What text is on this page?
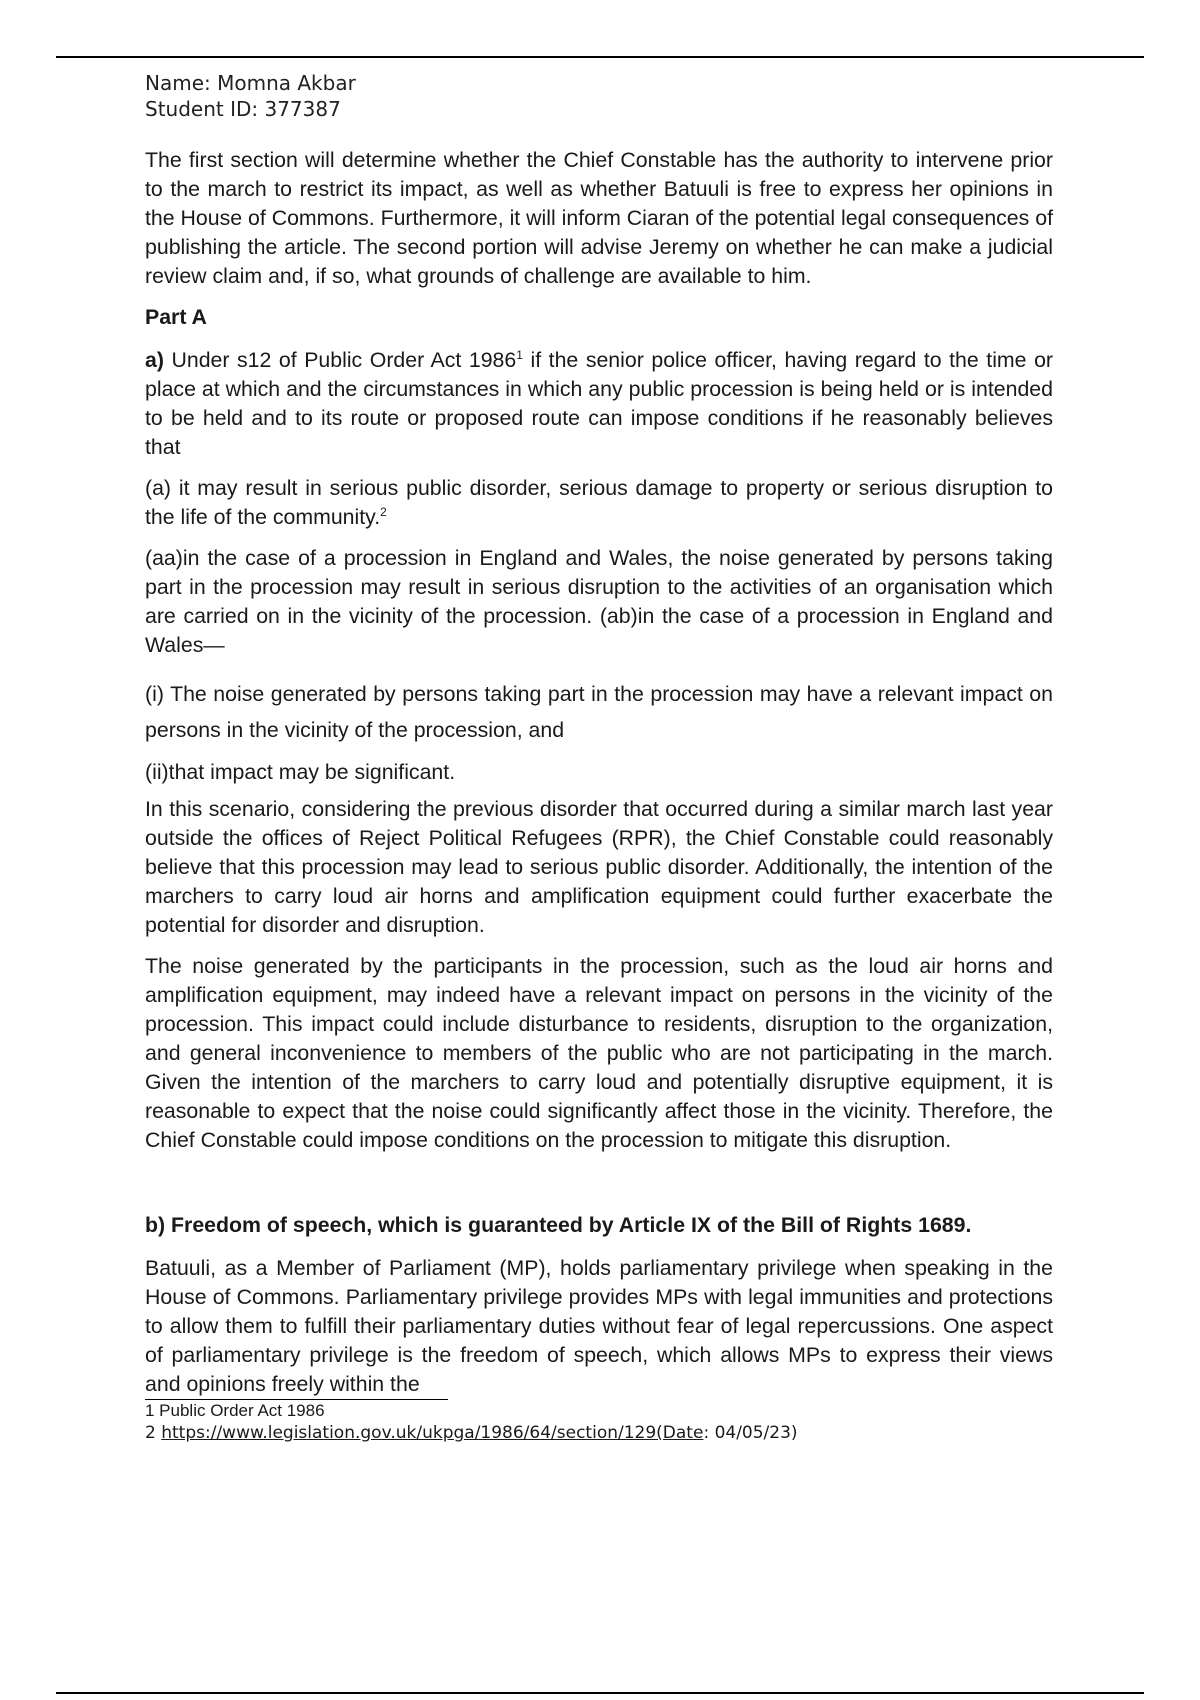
Name: Momna Akbar

Student ID: 377387

The first section will determine whether the Chief Constable has the authority to intervene prior to the march to restrict its impact, as well as whether Batuuli is free to express her opinions in the House of Commons. Furthermore, it will inform Ciaran of the potential legal consequences of publishing the article. The second portion will advise Jeremy on whether he can make a judicial review claim and, if so, what grounds of challenge are available to him.

Part A

a) Under s12 of Public Order Act 1986$^1$ if the senior police officer, having regard to the time or place at which and the circumstances in which any public procession is being held or is intended to be held and to its route or proposed route can impose conditions if he reasonably believes that

(a) it may result in serious public disorder, serious damage to property or serious disruption to the life of the community.$^2$

(aa)in the case of a procession in England and Wales, the noise generated by persons taking part in the procession may result in serious disruption to the activities of an organisation which are carried on in the vicinity of the procession. (ab)in the case of a procession in England and Wales—

(i) The noise generated by persons taking part in the procession may have a relevant impact on persons in the vicinity of the procession, and

(ii)that impact may be significant.

In this scenario, considering the previous disorder that occurred during a similar march last year outside the offices of Reject Political Refugees (RPR), the Chief Constable could reasonably believe that this procession may lead to serious public disorder. Additionally, the intention of the marchers to carry loud air horns and amplification equipment could further exacerbate the potential for disorder and disruption.

The noise generated by the participants in the procession, such as the loud air horns and amplification equipment, may indeed have a relevant impact on persons in the vicinity of the procession. This impact could include disturbance to residents, disruption to the organization, and general inconvenience to members of the public who are not participating in the march. Given the intention of the marchers to carry loud and potentially disruptive equipment, it is reasonable to expect that the noise could significantly affect those in the vicinity. Therefore, the Chief Constable could impose conditions on the procession to mitigate this disruption.

b) Freedom of speech, which is guaranteed by Article IX of the Bill of Rights 1689.

Batuuli, as a Member of Parliament (MP), holds parliamentary privilege when speaking in the House of Commons. Parliamentary privilege provides MPs with legal immunities and protections to allow them to fulfill their parliamentary duties without fear of legal repercussions. One aspect of parliamentary privilege is the freedom of speech, which allows MPs to express their views and opinions freely within the

1 Public Order Act 1986

2 https://www.legislation.gov.uk/ukpga/1986/64/section/129(Date: 04/05/23)
